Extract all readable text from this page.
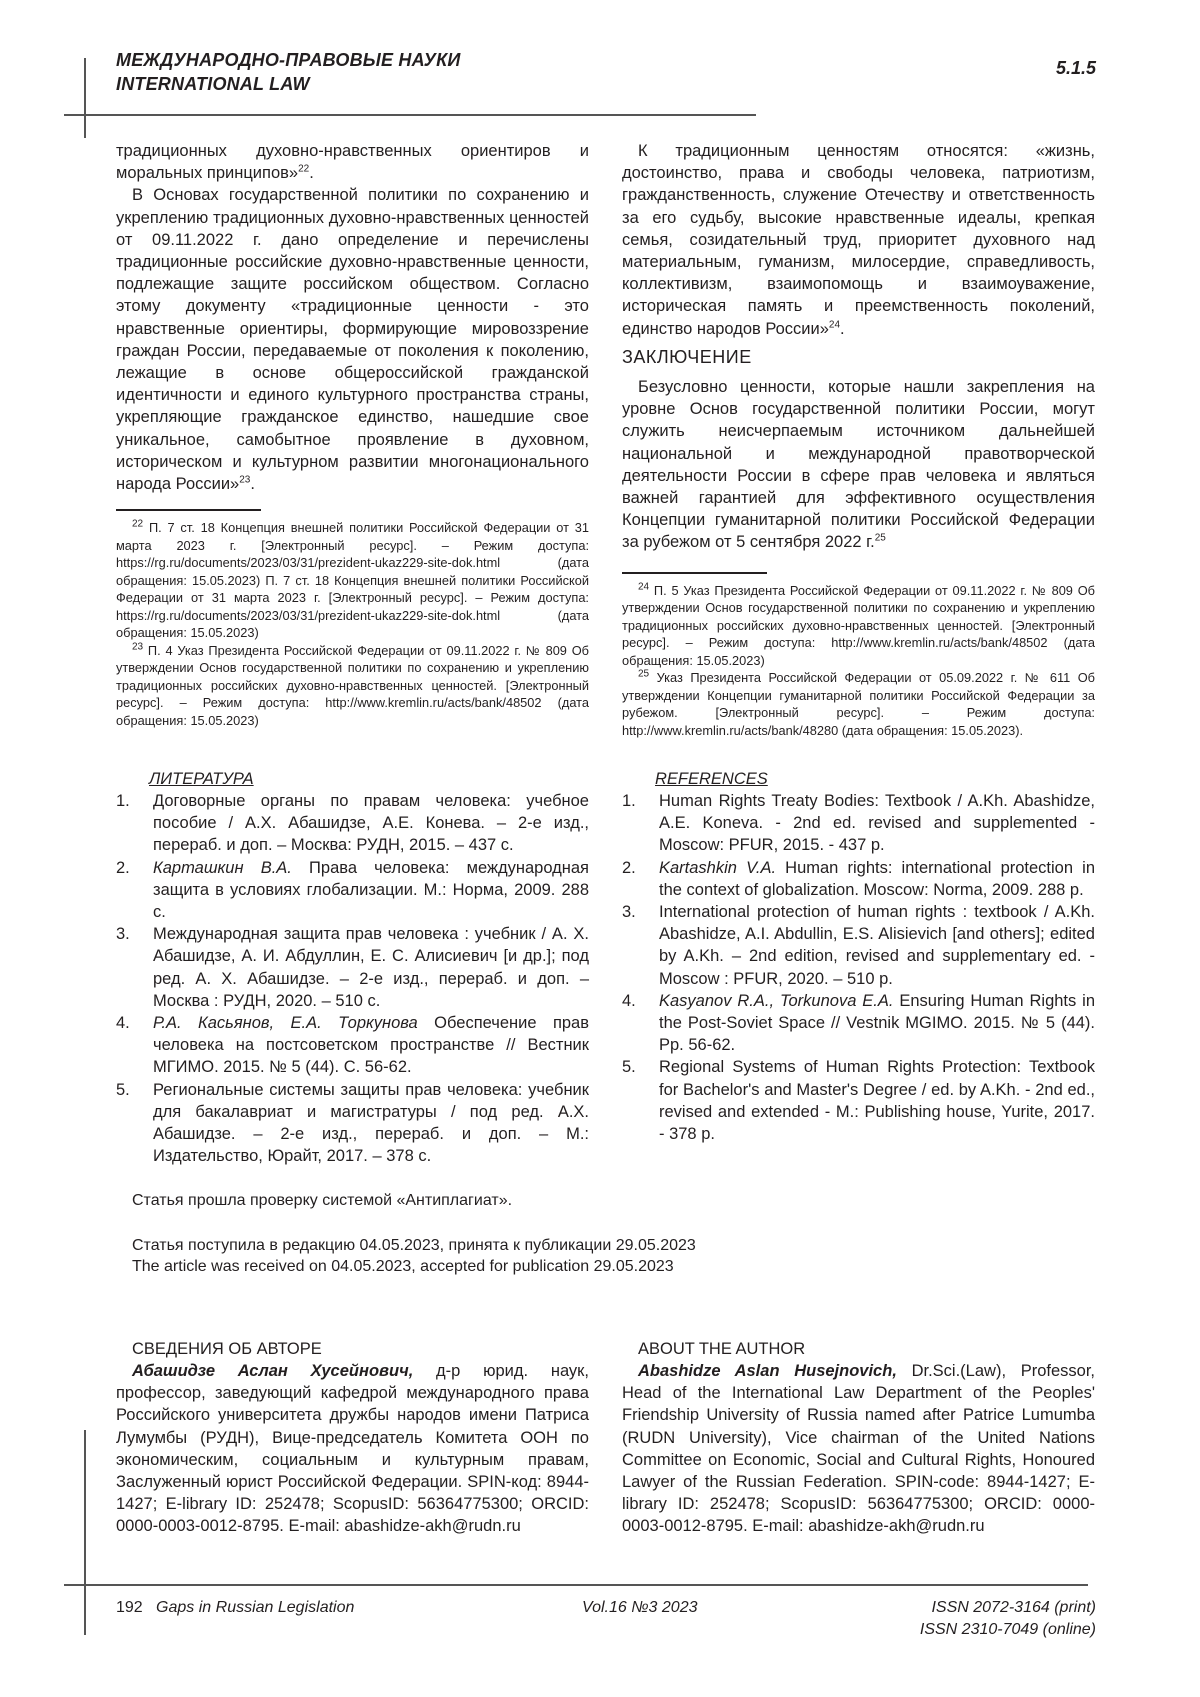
МЕЖДУНАРОДНО-ПРАВОВЫЕ НАУКИ
INTERNATIONAL LAW
5.1.5

традиционных духовно-нравственных ориентиров и моральных принципов»$^{22}$.

В Основах государственной политики по сохранению и укреплению традиционных духовно-нравственных ценностей от 09.11.2022 г. дано определение и перечислены традиционные российские духовно-нравственные ценности, подлежащие защите российском обществом. Согласно этому документу «традиционные ценности - это нравственные ориентиры, формирующие мировоззрение граждан России, передаваемые от поколения к поколению, лежащие в основе общероссийской гражданской идентичности и единого культурного пространства страны, укрепляющие гражданское единство, нашедшие свое уникальное, самобытное проявление в духовном, историческом и культурном развитии многонационального народа России»$^{23}$.

$^{22}$ П. 7 ст. 18 Концепция внешней политики Российской Федерации от 31 марта 2023 г. [Электронный ресурс]. – Режим доступа: https://rg.ru/documents/2023/03/31/prezident-ukaz229-site-dok.html (дата обращения: 15.05.2023) П. 7 ст. 18 Концепция внешней политики Российской Федерации от 31 марта 2023 г. [Электронный ресурс]. – Режим доступа: https://rg.ru/documents/2023/03/31/prezident-ukaz229-site-dok.html (дата обращения: 15.05.2023)

$^{23}$ П. 4 Указ Президента Российской Федерации от 09.11.2022 г. № 809 Об утверждении Основ государственной политики по сохранению и укреплению традиционных российских духовно-нравственных ценностей. [Электронный ресурс]. – Режим доступа: http://www.kremlin.ru/acts/bank/48502 (дата обращения: 15.05.2023)

К традиционным ценностям относятся: «жизнь, достоинство, права и свободы человека, патриотизм, гражданственность, служение Отечеству и ответственность за его судьбу, высокие нравственные идеалы, крепкая семья, созидательный труд, приоритет духовного над материальным, гуманизм, милосердие, справедливость, коллективизм, взаимопомощь и взаимоуважение, историческая память и преемственность поколений, единство народов России»$^{24}$.

ЗАКЛЮЧЕНИЕ

Безусловно ценности, которые нашли закрепления на уровне Основ государственной политики России, могут служить неисчерпаемым источником дальнейшей национальной и международной правотворческой деятельности России в сфере прав человека и являться важней гарантией для эффективного осуществления Концепции гуманитарной политики Российской Федерации за рубежом от 5 сентября 2022 г.$^{25}$

$^{24}$ П. 5 Указ Президента Российской Федерации от 09.11.2022 г. № 809 Об утверждении Основ государственной политики по сохранению и укреплению традиционных российских духовно-нравственных ценностей. [Электронный ресурс]. – Режим доступа: http://www.kremlin.ru/acts/bank/48502 (дата обращения: 15.05.2023)

$^{25}$ Указ Президента Российской Федерации от 05.09.2022 г. № 611 Об утверждении Концепции гуманитарной политики Российской Федерации за рубежом. [Электронный ресурс]. – Режим доступа: http://www.kremlin.ru/acts/bank/48280 (дата обращения: 15.05.2023).

ЛИТЕРАТУРА
1. Договорные органы по правам человека: учебное пособие / А.Х. Абашидзе, А.Е. Конева. – 2-е изд., перераб. и доп. – Москва: РУДН, 2015. – 437 с.
2. Карташкин В.А. Права человека: международная защита в условиях глобализации. М.: Норма, 2009. 288 с.
3. Международная защита прав человека : учебник / А. Х. Абашидзе, А. И. Абдуллин, Е. С. Алисиевич [и др.]; под ред. А. Х. Абашидзе. – 2-е изд., перераб. и доп. – Москва : РУДН, 2020. – 510 с.
4. Р.А. Касьянов, Е.А. Торкунова Обеспечение прав человека на постсоветском пространстве // Вестник МГИМО. 2015. № 5 (44). С. 56-62.
5. Региональные системы защиты прав человека: учебник для бакалавриат и магистратуры / под ред. А.Х. Абашидзе. – 2-е изд., перераб. и доп. – М.: Издательство, Юрайт, 2017. – 378 с.
REFERENCES
1. Human Rights Treaty Bodies: Textbook / A.Kh. Abashidze, A.E. Koneva. - 2nd ed. revised and supplemented - Moscow: PFUR, 2015. - 437 p.
2. Kartashkin V.A. Human rights: international protection in the context of globalization. Moscow: Norma, 2009. 288 p.
3. International protection of human rights : textbook / A.Kh. Abashidze, A.I. Abdullin, E.S. Alisievich [and others]; edited by A.Kh. – 2nd edition, revised and supplementary ed. - Moscow : PFUR, 2020. – 510 p.
4. Kasyanov R.A., Torkunova E.A. Ensuring Human Rights in the Post-Soviet Space // Vestnik MGIMO. 2015. № 5 (44). Pp. 56-62.
5. Regional Systems of Human Rights Protection: Textbook for Bachelor's and Master's Degree / ed. by A.Kh. - 2nd ed., revised and extended - M.: Publishing house, Yurite, 2017. - 378 p.
Статья прошла проверку системой «Антиплагиат».
Статья поступила в редакцию 04.05.2023, принята к публикации 29.05.2023
The article was received on 04.05.2023, accepted for publication 29.05.2023
СВЕДЕНИЯ ОБ АВТОРЕ

Абашидзе Аслан Хусейнович, д-р юрид. наук, профессор, заведующий кафедрой международного права Российского университета дружбы народов имени Патриса Лумумбы (РУДН), Вице-председатель Комитета ООН по экономическим, социальным и культурным правам, Заслуженный юрист Российской Федерации. SPIN-код: 8944-1427; E-library ID: 252478; ScopusID: 56364775300; ORCID: 0000-0003-0012-8795. E-mail: abashidze-akh@rudn.ru

ABOUT THE AUTHOR

Abashidze Aslan Husejnovich, Dr.Sci.(Law), Professor, Head of the International Law Department of the Peoples' Friendship University of Russia named after Patrice Lumumba (RUDN University), Vice chairman of the United Nations Committee on Economic, Social and Cultural Rights, Honoured Lawyer of the Russian Federation. SPIN-code: 8944-1427; E-library ID: 252478; ScopusID: 56364775300; ORCID: 0000-0003-0012-8795. E-mail: abashidze-akh@rudn.ru

192 Gaps in Russian Legislation	Vol.16 №3 2023	ISSN 2072-3164 (print)
ISSN 2310-7049 (online)
